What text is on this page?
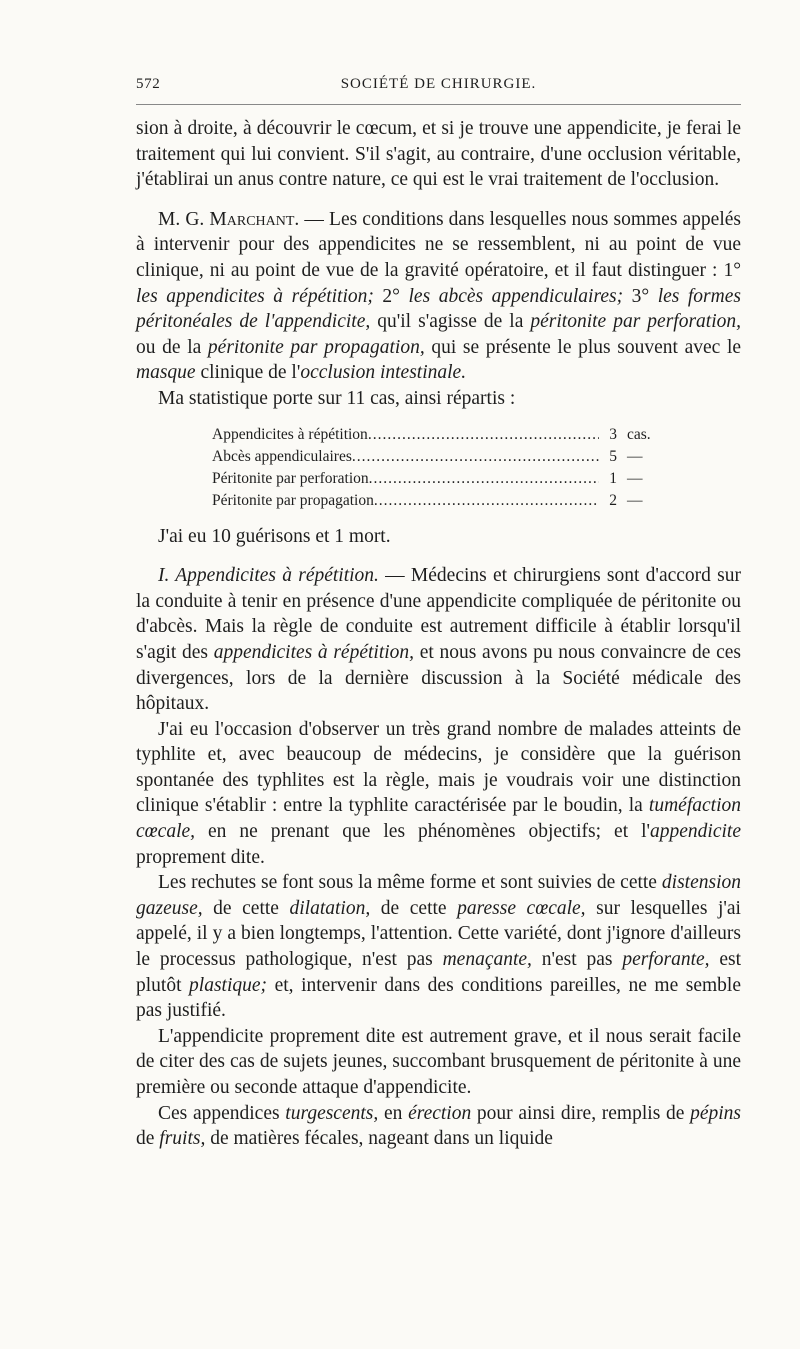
572	SOCIÉTÉ DE CHIRURGIE.

sion à droite, à découvrir le cœcum, et si je trouve une appendicite, je ferai le traitement qui lui convient. S'il s'agit, au contraire, d'une occlusion véritable, j'établirai un anus contre nature, ce qui est le vrai traitement de l'occlusion.

M. G. Marchant. — Les conditions dans lesquelles nous sommes appelés à intervenir pour des appendicites ne se ressemblent, ni au point de vue clinique, ni au point de vue de la gravité opératoire, et il faut distinguer : 1° les appendicites à répétition; 2° les abcès appendiculaires; 3° les formes péritonéales de l'appendicite, qu'il s'agisse de la péritonite par perforation, ou de la péritonite par propagation, qui se présente le plus souvent avec le masque clinique de l'occlusion intestinale.

Ma statistique porte sur 11 cas, ainsi répartis :

Appendicites à répétition .....	3 cas.
Abcès appendiculaires .....	5 —
Péritonite par perforation .....	1 —
Péritonite par propagation .....	2 —

J'ai eu 10 guérisons et 1 mort.

I. Appendicites à répétition. — Médecins et chirurgiens sont d'accord sur la conduite à tenir en présence d'une appendicite compliquée de péritonite ou d'abcès. Mais la règle de conduite est autrement difficile à établir lorsqu'il s'agit des appendicites à répétition, et nous avons pu nous convaincre de ces divergences, lors de la dernière discussion à la Société médicale des hôpitaux.

J'ai eu l'occasion d'observer un très grand nombre de malades atteints de typhlite et, avec beaucoup de médecins, je considère que la guérison spontanée des typhlites est la règle, mais je voudrais voir une distinction clinique s'établir : entre la typhlite caractérisée par le boudin, la tuméfaction cœcale, en ne prenant que les phénomènes objectifs; et l'appendicite proprement dite.

Les rechutes se font sous la même forme et sont suivies de cette distension gazeuse, de cette dilatation, de cette paresse cœcale, sur lesquelles j'ai appelé, il y a bien longtemps, l'attention. Cette variété, dont j'ignore d'ailleurs le processus pathologique, n'est pas menaçante, n'est pas perforante, est plutôt plastique; et, intervenir dans des conditions pareilles, ne me semble pas justifié.

L'appendicite proprement dite est autrement grave, et il nous serait facile de citer des cas de sujets jeunes, succombant brusquement de péritonite à une première ou seconde attaque d'appendicite.

Ces appendices turgescents, en érection pour ainsi dire, remplis de pépins de fruits, de matières fécales, nageant dans un liquide
